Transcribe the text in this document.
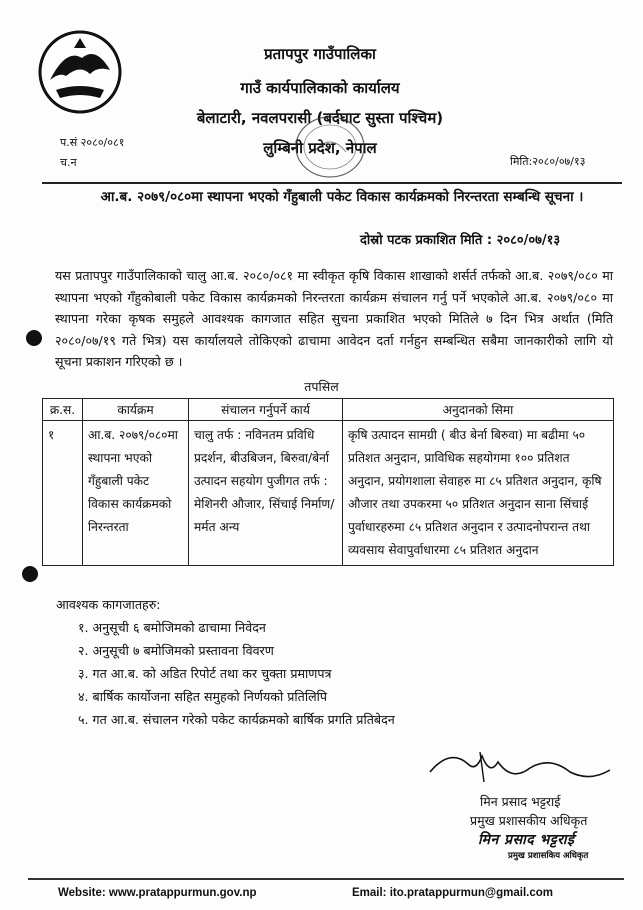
प्रतापपुर गाउँपालिका
गाउँ कार्यपालिकाको कार्यालय
बेलाटारी, नवलपरासी (बर्दघाट सुस्ता पश्चिम)
लुम्बिनी प्रदेश, नेपाल
प.सं २०८०/०८१
च.न	मिति:२०८०/०७/१३
आ.ब. २०७९/०८०मा स्थापना भएको गँहुबाली पकेट विकास कार्यक्रमको निरन्तरता सम्बन्धि सूचना ।
दोस्रो पटक प्रकाशित मिति : २०८०/०७/१३

यस प्रतापपुर गाउँपालिकाको चालु आ.ब. २०८०/०८१ मा स्वीकृत कृषि विकास शाखाको शर्सर्त तर्फको आ.ब. २०७९/०८० मा स्थापना भएको गँहुकोबाली पकेट विकास कार्यक्रमको निरन्तरता कार्यक्रम संचालन गर्नु पर्ने भएकोले आ.ब. २०७९/०८० मा स्थापना गरेका कृषक समुहले आवश्यक कागजात सहित सुचना प्रकाशित भएको मितिले ७ दिन भित्र अर्थात (मिति २०८०/०७/१९ गते भित्र) यस कार्यालयले तोकिएको ढाचामा आवेदन दर्ता गर्नहुन सम्बन्धित सबैमा जानकारीको लागि यो सूचना प्रकाशन गरिएको छ ।

तपसिल
क्र.स.	कार्यक्रम	संचालन गर्नुपर्ने कार्य	अनुदानको सिमा
१	आ.ब. २०७९/०८०मा स्थापना भएको गँहुबाली पकेट विकास कार्यक्रमको निरन्तरता	चालु तर्फ : नविनतम प्रविधि प्रदर्शन, बीउबिजन, बिरुवा/बेर्ना उत्पादन सहयोग पुजीगत तर्फ : मेशिनरी औजार, सिंचाई निर्माण/ मर्मत अन्य	कृषि उत्पादन सामग्री ( बीउ बेर्ना बिरुवा) मा बढीमा ५० प्रतिशत अनुदान, प्राविधिक सहयोगमा १०० प्रतिशत अनुदान, प्रयोगशाला सेवाहरु मा ८५ प्रतिशत अनुदान, कृषि औजार तथा उपकरमा ५० प्रतिशत अनुदान साना सिंचाई पुर्वाधारहरुमा ८५ प्रतिशत अनुदान र उत्पादनोपरान्त तथा व्यवसाय सेवापुर्वाधारमा ८५ प्रतिशत अनुदान
आवश्यक कागजातहरु:
१. अनुसूची ६ बमोजिमको ढाचामा निवेदन
२. अनुसूची ७ बमोजिमको प्रस्तावना विवरण
३. गत आ.ब. को अडित रिपोर्ट तथा कर चुक्ता प्रमाणपत्र
४. बार्षिक कार्योजना सहित समुहको निर्णयको प्रतिलिपि
५. गत आ.ब. संचालन गरेको पकेट कार्यक्रमको बार्षिक प्रगति प्रतिबेदन
मिन प्रसाद भट्टराई
प्रमुख प्रशासकीय अधिकृत
मिन प्रसाद भट्टराई
प्रमुख प्रशासकिय अधिकृत
Website: www.pratappurmun.gov.np	Email: ito.pratappurmun@gmail.com
